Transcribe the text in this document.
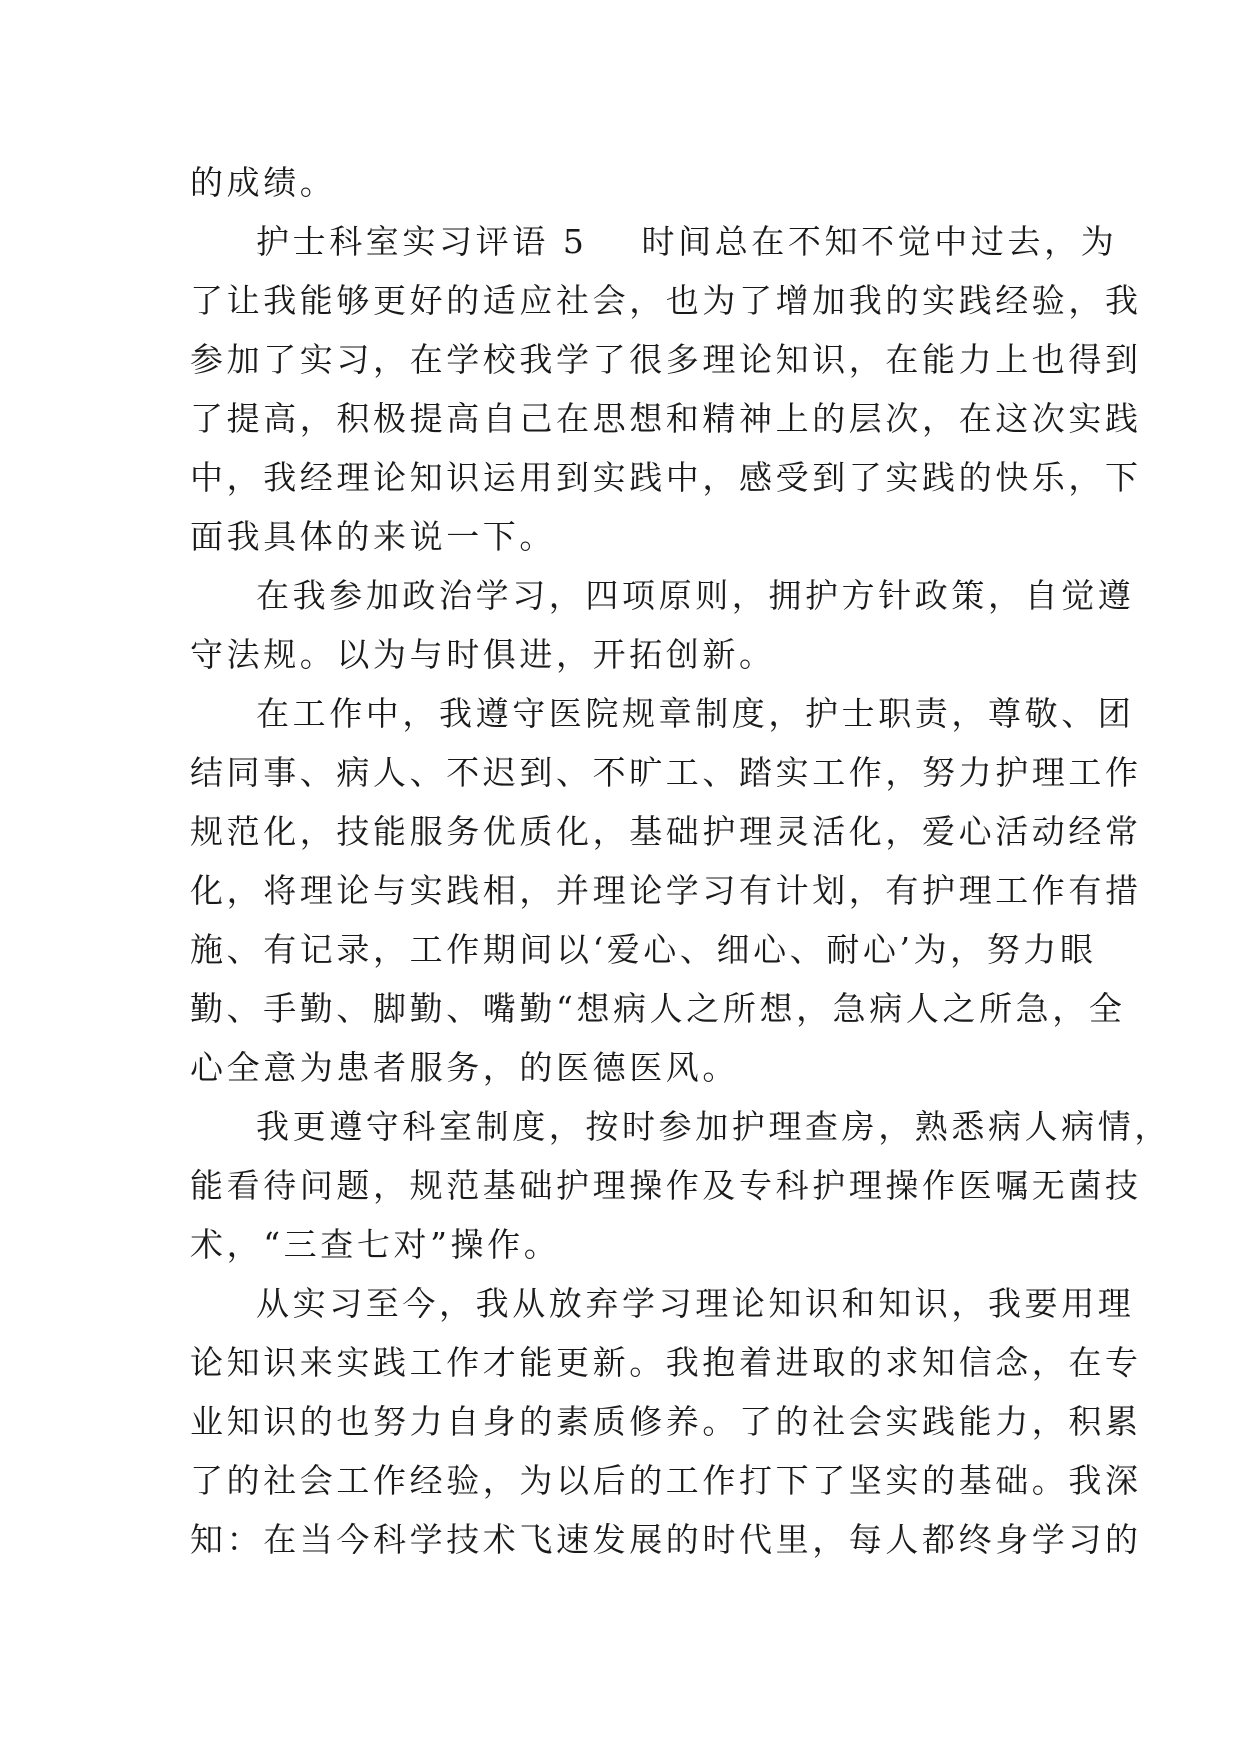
的成绩。
护士科室实习评语 5 时间总在不知不觉中过去，为
了让我能够更好的适应社会，也为了增加我的实践经验，我
参加了实习，在学校我学了很多理论知识，在能力上也得到
了提高，积极提高自己在思想和精神上的层次，在这次实践
中，我经理论知识运用到实践中，感受到了实践的快乐，下
面我具体的来说一下。
在我参加政治学习，四项原则，拥护方针政策，自觉遵
守法规。以为与时俱进，开拓创新。
在工作中，我遵守医院规章制度，护士职责，尊敬、团
结同事、病人、不迟到、不旷工、踏实工作，努力护理工作
规范化，技能服务优质化，基础护理灵活化，爱心活动经常
化，将理论与实践相，并理论学习有计划，有护理工作有措
施、有记录，工作期间以‘爱心、细心、耐心’为，努力眼
勤、手勤、脚勤、嘴勤“想病人之所想，急病人之所急，全
心全意为患者服务，的医德医风。
我更遵守科室制度，按时参加护理查房，熟悉病人病情，
能看待问题，规范基础护理操作及专科护理操作医嘱无菌技
术，“三查七对”操作。
从实习至今，我从放弃学习理论知识和知识，我要用理
论知识来实践工作才能更新。我抱着进取的求知信念，在专
业知识的也努力自身的素质修养。了的社会实践能力，积累
了的社会工作经验，为以后的工作打下了坚实的基础。我深
知：在当今科学技术飞速发展的时代里，每人都终身学习的
